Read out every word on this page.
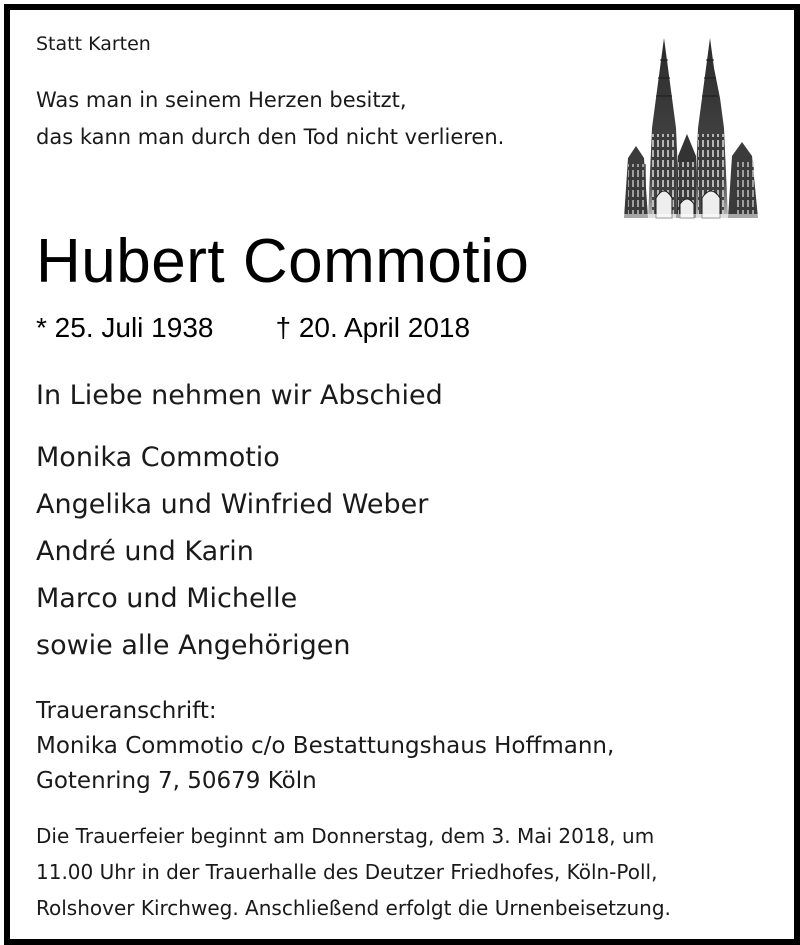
Statt Karten
Was man in seinem Herzen besitzt,
das kann man durch den Tod nicht verlieren.
Hubert Commotio
* 25. Juli 1938 † 20. April 2018
In Liebe nehmen wir Abschied
Monika Commotio
Angelika und Winfried Weber
André und Karin
Marco und Michelle
sowie alle Angehörigen
Traueranschrift:
Monika Commotio c/o Bestattungshaus Hoffmann,
Gotenring 7, 50679 Köln
Die Trauerfeier beginnt am Donnerstag, dem 3. Mai 2018, um
11.00 Uhr in der Trauerhalle des Deutzer Friedhofes, Köln-Poll,
Rolshover Kirchweg. Anschließend erfolgt die Urnenbeisetzung.
